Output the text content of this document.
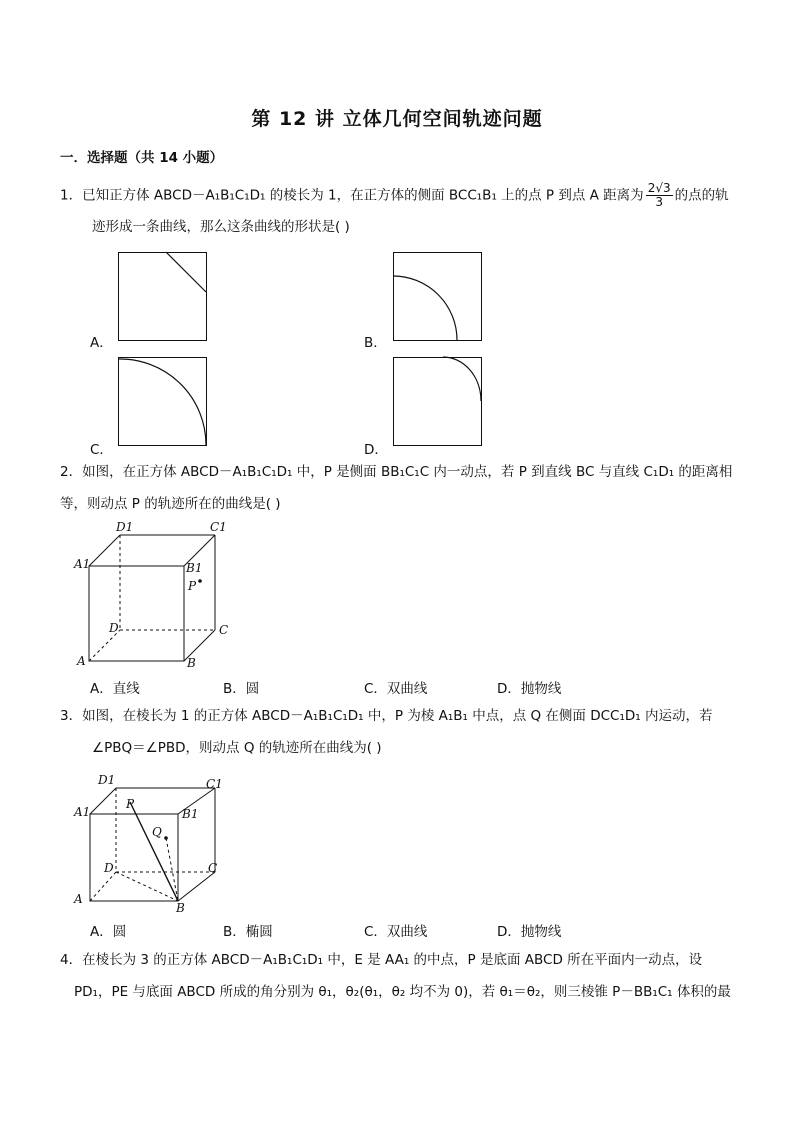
第 12 讲 立体几何空间轨迹问题
一．选择题（共 14 小题）
1．已知正方体 ABCD－A₁B₁C₁D₁ 的棱长为 1，在正方体的侧面 BCC₁B₁ 上的点 P 到点 A 距离为 $\frac{2√3}{3}$ 的点的轨
迹形成一条曲线，那么这条曲线的形状是( )
A．	B．
C．	D．
2．如图，在正方体 ABCD－A₁B₁C₁D₁ 中，P 是侧面 BB₁C₁C 内一动点，若 P 到直线 BC 与直线 C₁D₁ 的距离相
等，则动点 P 的轨迹所在的曲线是( )
D1	C1
A1	B1
P
D	C
A	B
A．直线	B．圆	C．双曲线	D．抛物线
3．如图，在棱长为 1 的正方体 ABCD－A₁B₁C₁D₁ 中，P 为棱 A₁B₁ 中点，点 Q 在侧面 DCC₁D₁ 内运动，若
∠PBQ＝∠PBD，则动点 Q 的轨迹所在曲线为( )
D1	C1
A1
P
B1
Q
D	C
A
B
A．圆	B．椭圆	C．双曲线	D．抛物线
4．在棱长为 3 的正方体 ABCD－A₁B₁C₁D₁ 中，E 是 AA₁ 的中点，P 是底面 ABCD 所在平面内一动点，设
PD₁，PE 与底面 ABCD 所成的角分别为 θ₁，θ₂(θ₁，θ₂ 均不为 0)，若 θ₁＝θ₂，则三棱锥 P－BB₁C₁ 体积的最
